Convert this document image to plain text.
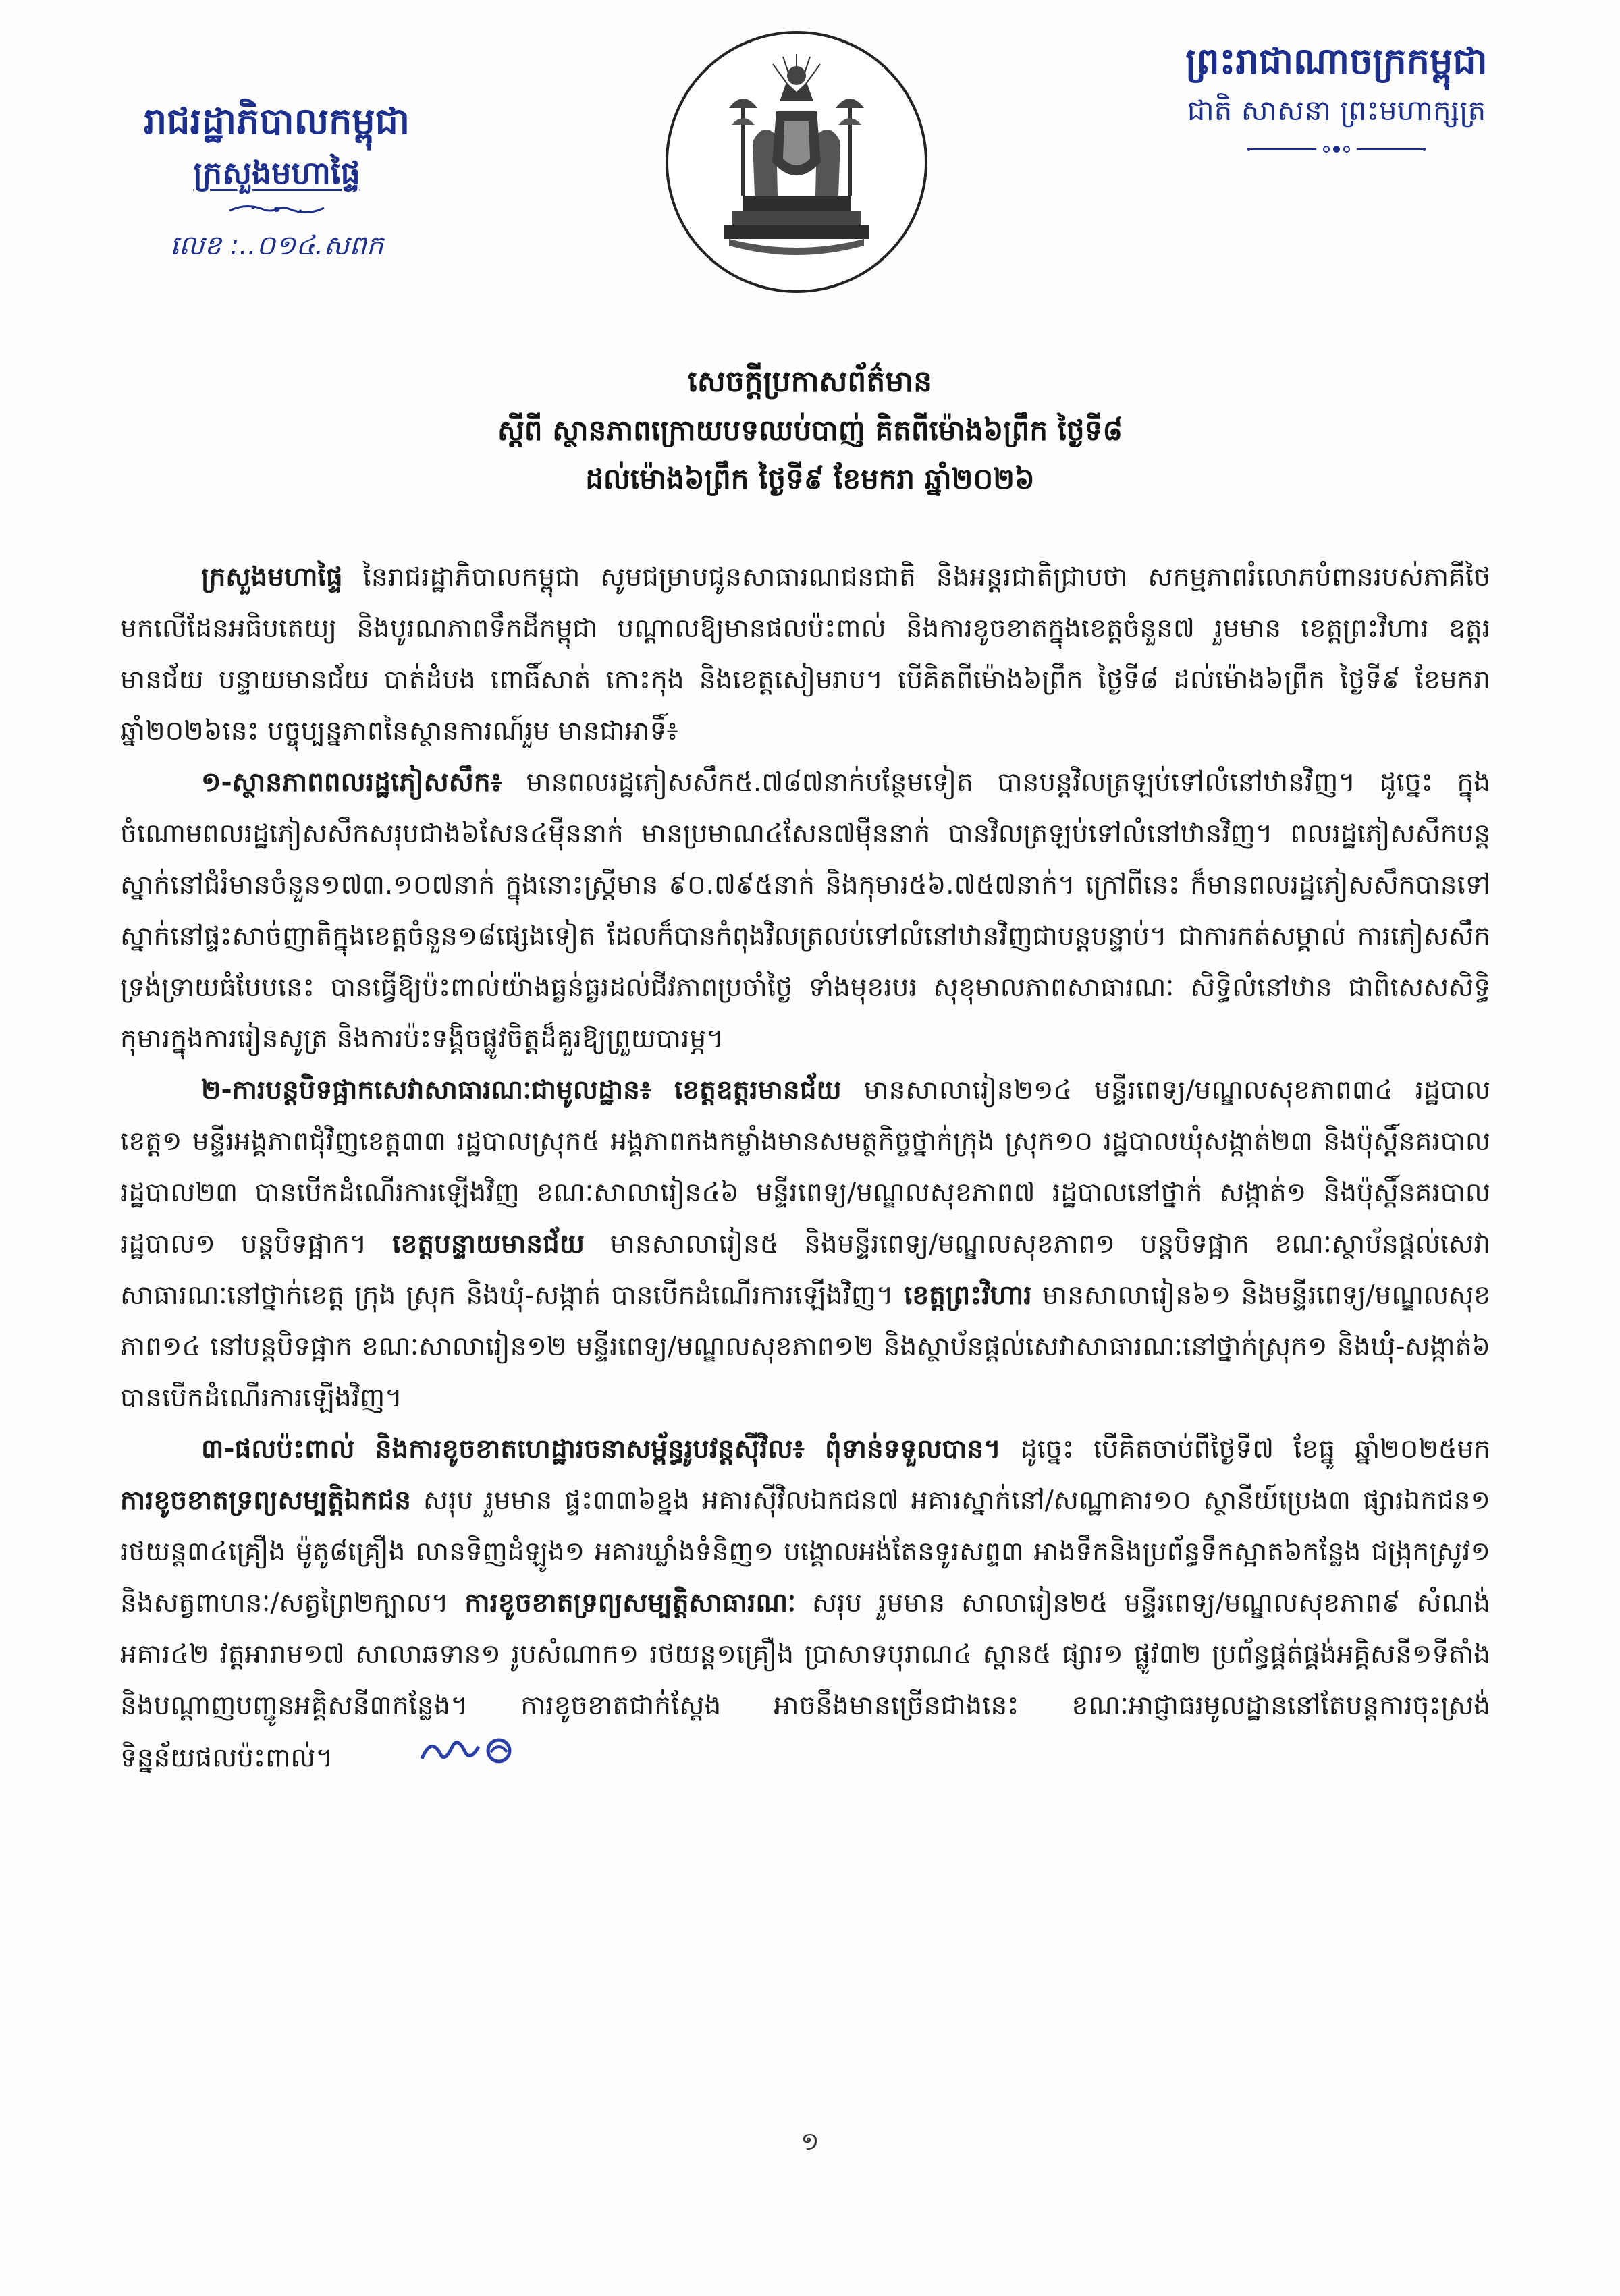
រាជរដ្ឋាភិបាលកម្ពុជា
ក្រសួងមហាផ្ទៃ
លេខ :..០១៤.សពក
ព្រះរាជាណាចក្រកម្ពុជា
ជាតិ សាសនា ព្រះមហាក្សត្រ
សេចក្តីប្រកាសព័ត៌មាន
ស្តីពី ស្ថានភាពក្រោយបទឈប់បាញ់ គិតពីម៉ោង៦ព្រឹក ថ្ងៃទី៨
ដល់ម៉ោង៦ព្រឹក ថ្ងៃទី៩ ខែមករា ឆ្នាំ២០២៦

ក្រសួងមហាផ្ទៃ នៃរាជរដ្ឋាភិបាលកម្ពុជា សូមជម្រាបជូនសាធារណជនជាតិ និងអន្តរជាតិជ្រាបថា សកម្មភាពរំលោភបំពានរបស់ភាគីថៃ មកលើដែនអធិបតេយ្យ និងបូរណភាពទឹកដីកម្ពុជា បណ្តាលឱ្យមានផលប៉ះពាល់ និងការខូចខាតក្នុងខេត្តចំនួន៧ រួមមាន ខេត្តព្រះវិហារ ឧត្តរមានជ័យ បន្ទាយមានជ័យ បាត់ដំបង ពោធិ៍សាត់ កោះកុង និងខេត្តសៀមរាប។ បើគិតពីម៉ោង៦ព្រឹក ថ្ងៃទី៨ ដល់ម៉ោង៦ព្រឹក ថ្ងៃទី៩ ខែមករា ឆ្នាំ២០២៦នេះ បច្ចុប្បន្នភាពនៃស្ថានការណ៍រួម មានជាអាទិ៍៖

១-ស្ថានភាពពលរដ្ឋភៀសសឹក៖ មានពលរដ្ឋភៀសសឹក៥.៧៨៧នាក់បន្ថែមទៀត បានបន្តវិលត្រឡប់ទៅលំនៅឋានវិញ។ ដូច្នេះ ក្នុងចំណោមពលរដ្ឋភៀសសឹកសរុបជាង៦សែន៤ម៉ឺននាក់ មានប្រមាណ៤សែន៧ម៉ឺននាក់ បានវិលត្រឡប់ទៅលំនៅឋានវិញ។ ពលរដ្ឋភៀសសឹកបន្តស្នាក់នៅជំរំមានចំនួន១៧៣.១០៧នាក់ ក្នុងនោះស្ត្រីមាន ៩០.៧៩៥នាក់ និងកុមារ៥៦.៧៥៧នាក់។ ក្រៅពីនេះ ក៏មានពលរដ្ឋភៀសសឹកបានទៅស្នាក់នៅផ្ទះសាច់ញាតិក្នុងខេត្តចំនួន១៨ផ្សេងទៀត ដែលក៏បានកំពុងវិលត្រលប់ទៅលំនៅឋានវិញជាបន្តបន្ទាប់។ ជាការកត់សម្គាល់ ការភៀសសឹកទ្រង់ទ្រាយធំបែបនេះ បានធ្វើឱ្យប៉ះពាល់យ៉ាងធ្ងន់ធ្ងរដល់ជីវភាពប្រចាំថ្ងៃ ទាំងមុខរបរ សុខុមាលភាពសាធារណៈ សិទ្ធិលំនៅឋាន ជាពិសេសសិទ្ធិកុមារក្នុងការរៀនសូត្រ និងការប៉ះទង្គិចផ្លូវចិត្តដ៏គួរឱ្យព្រួយបារម្ភ។

២-ការបន្តបិទផ្អាកសេវាសាធារណៈជាមូលដ្ឋាន៖ ខេត្តឧត្តរមានជ័យ មានសាលារៀន២១៤ មន្ទីរពេទ្យ/មណ្ឌលសុខភាព៣៤ រដ្ឋបាលខេត្ត១ មន្ទីរអង្គភាពជុំវិញខេត្ត៣៣ រដ្ឋបាលស្រុក៥ អង្គភាពកងកម្លាំងមានសមត្ថកិច្ចថ្នាក់ក្រុង ស្រុក១០ រដ្ឋបាលឃុំសង្កាត់២៣ និងប៉ុស្តិ៍នគរបាលរដ្ឋបាល២៣ បានបើកដំណើរការឡើងវិញ ខណៈសាលារៀន៤៦ មន្ទីរពេទ្យ/មណ្ឌលសុខភាព៧ រដ្ឋបាលនៅថ្នាក់ សង្កាត់១ និងប៉ុស្តិ៍នគរបាលរដ្ឋបាល១ បន្តបិទផ្អាក។ ខេត្តបន្ទាយមានជ័យ មានសាលារៀន៥ និងមន្ទីរពេទ្យ/មណ្ឌលសុខភាព១ បន្តបិទផ្អាក ខណៈស្ថាប័នផ្តល់សេវាសាធារណៈនៅថ្នាក់ខេត្ត ក្រុង ស្រុក និងឃុំ-សង្កាត់ បានបើកដំណើរការឡើងវិញ។ ខេត្តព្រះវិហារ មានសាលារៀន៦១ និងមន្ទីរពេទ្យ/មណ្ឌលសុខភាព១៤ នៅបន្តបិទផ្អាក ខណៈសាលារៀន១២ មន្ទីរពេទ្យ/មណ្ឌលសុខភាព១២ និងស្ថាប័នផ្តល់សេវាសាធារណៈនៅថ្នាក់ស្រុក១ និងឃុំ-សង្កាត់៦ បានបើកដំណើរការឡើងវិញ។

៣-ផលប៉ះពាល់ និងការខូចខាតហេដ្ឋារចនាសម្ព័ន្ធរូបវន្តស៊ីវិល៖ ពុំទាន់ទទួលបាន។ ដូច្នេះ បើគិតចាប់ពីថ្ងៃទី៧ ខែធ្នូ ឆ្នាំ២០២៥មក ការខូចខាតទ្រព្យសម្បត្តិឯកជន សរុប រួមមាន ផ្ទះ៣៣៦ខ្នង អគារស៊ីវិលឯកជន៧ អគារស្នាក់នៅ/សណ្ឋាគារ១០ ស្ថានីយ៍ប្រេង៣ ផ្សារឯកជន១ រថយន្ត៣៤គ្រឿង ម៉ូតូ៨គ្រឿង លានទិញដំឡូង១ អគារឃ្លាំងទំនិញ១ បង្គោលអង់តែនទូរសព្ទ៣ អាងទឹកនិងប្រព័ន្ធទឹកស្អាត៦កន្លែង ជង្រុកស្រូវ១ និងសត្វពាហនៈ/សត្វព្រៃ២ក្បាល។ ការខូចខាតទ្រព្យសម្បត្តិសាធារណៈ សរុប រួមមាន សាលារៀន២៥ មន្ទីរពេទ្យ/មណ្ឌលសុខភាព៩ សំណង់អគារ៤២ វត្តអារាម១៧ សាលាឆទាន១ រូបសំណាក១ រថយន្ត១គ្រឿង ប្រាសាទបុរាណ៤ ស្ពាន៥ ផ្សារ១ ផ្លូវ៣២ ប្រព័ន្ធផ្គត់ផ្គង់អគ្គិសនី១ទីតាំង និងបណ្តាញបញ្ជូនអគ្គិសនី៣កន្លែង។ ការខូចខាតជាក់ស្តែង អាចនឹងមានច្រើនជាងនេះ ខណៈអាជ្ញាធរមូលដ្ឋាននៅតែបន្តការចុះស្រង់ទិន្នន័យផលប៉ះពាល់។

១
